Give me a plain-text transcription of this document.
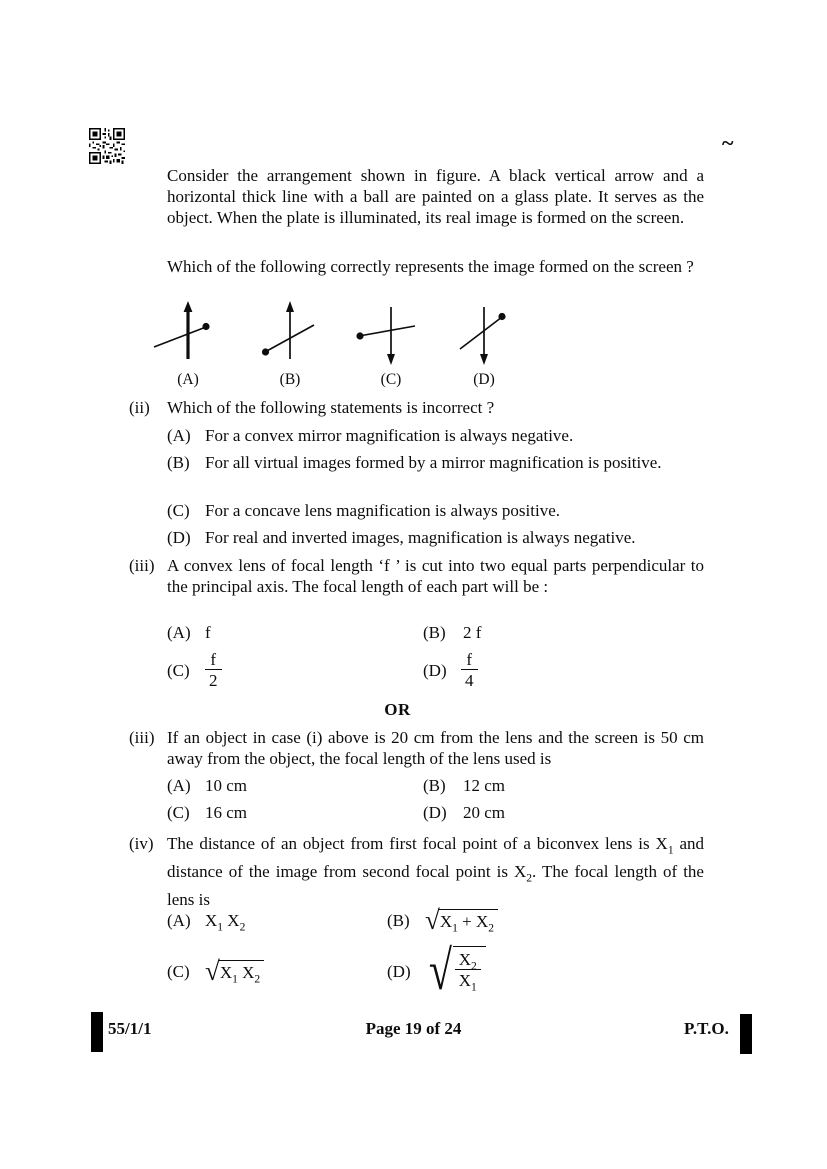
~
Consider the arrangement shown in figure. A black vertical arrow and a horizontal thick line with a ball are painted on a glass plate. It serves as the object. When the plate is illuminated, its real image is formed on the screen.
Which of the following correctly represents the image formed on the screen ?
(A)	(B)	(C)	(D)
(ii)	Which of the following statements is incorrect ?
(A) For a convex mirror magnification is always negative.
(B) For all virtual images formed by a mirror magnification is positive.
(C) For a concave lens magnification is always positive.
(D) For real and inverted images, magnification is always negative.
(iii) A convex lens of focal length ‘f ’ is cut into two equal parts perpendicular to the principal axis. The focal length of each part will be :
(A) f	(B) 2 f
$(C) \frac{f}{2}$	$(D) \frac{f}{4}$
OR
(iii) If an object in case (i) above is 20 cm from the lens and the screen is 50 cm away from the object, the focal length of the lens used is
(A) 10 cm	(B) 12 cm
(C) 16 cm	(D) 20 cm
(iv) The distance of an object from first focal point of a biconvex lens is $X_1$ and distance of the image from second focal point is $X_2$. The focal length of the lens is
(A) $X_1$ $X_2$	(B) √ $X_1 + X_2$
(C) √ $X_1$ $X_2$	(D) √ $\frac{X_2}{X_1}$
55/1/1	Page 19 of 24	P.T.O.
